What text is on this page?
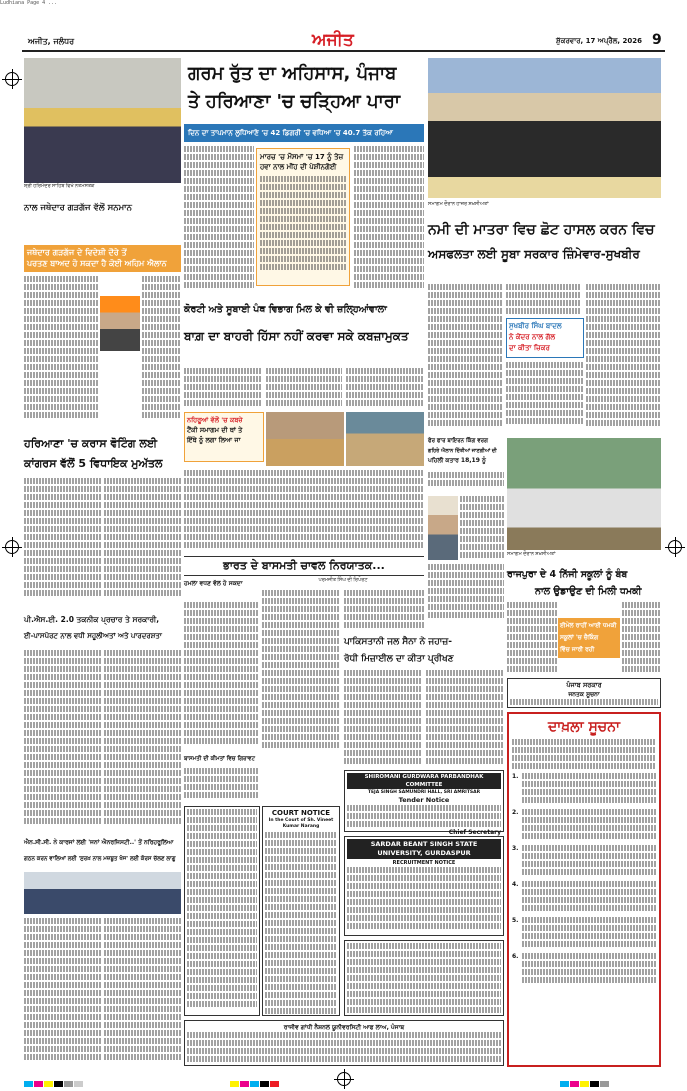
Ludhiana Page 4 ...
ਅਜੀਤ, ਜਲੰਧਰ	ਅਜੀਤ	ਸ਼ੁੱਕਰਵਾਰ, 17 ਅਪ੍ਰੈਲ, 2026 9
ਸ਼੍ਰੀ ਹਰਿਮੰਦਰ ਸਾਹਿਬ ਵਿਖੇ ਨਤਮਸਤਕ
ਨਾਲ ਜਥੇਦਾਰ ਗੜਗੱਜ ਵੱਲੋਂ ਸਨਮਾਨ
ਜਥੇਦਾਰ ਗੜਗੱਜ ਦੇ ਵਿਦੇਸ਼ੀ ਦੌਰੇ ਤੋਂ
ਪਰਤਣ ਬਾਅਦ ਹੋ ਸਕਦਾ ਹੈ ਕੋਈ ਅਹਿਮ ਐਲਾਨ
ਗਰਮ ਰੁੱਤ ਦਾ ਅਹਿਸਾਸ, ਪੰਜਾਬ
ਤੇ ਹਰਿਆਣਾ 'ਚ ਚੜ੍ਹਿਆ ਪਾਰਾ
ਦਿਨ ਦਾ ਤਾਪਮਾਨ ਲੁਧਿਆਣੇ 'ਚ 42 ਡਿਗਰੀ 'ਚ ਵਧਿਆ 'ਚ 40.7 ਤੱਕ ਰਹਿਆ
ਮਾਰਚ 'ਚ ਮੌਸਮਾਂ 'ਚ 17 ਨੂੰ ਤੇਜ਼ ਹਵਾ ਨਾਲ ਮੀਂਹ ਦੀ ਪੇਸ਼ੀਨਗੋਈ
ਸਮਾਗਮ ਦੌਰਾਨ ਹਾਜ਼ਰ ਸ਼ਖ਼ਸੀਅਤਾਂ
ਨਮੀ ਦੀ ਮਾਤਰਾ ਵਿਚ ਛੋਟ ਹਾਸਲ ਕਰਨ ਵਿਚ
ਅਸਫਲਤਾ ਲਈ ਸੂਬਾ ਸਰਕਾਰ ਜ਼ਿੰਮੇਵਾਰ-ਸੁਖਬੀਰ
ਸੁਖਬੀਰ ਸਿੰਘ ਬਾਦਲ
ਨੇ ਕੇਂਦਰ ਨਾਲ ਗੱਲ
ਦਾ ਕੀਤਾ ਜ਼ਿਕਰ
ਕੋਰਟੀ ਅਤੇ ਸੂਬਾਈ ਪੰਥ ਵਿਭਾਗ ਮਿਲ ਕੇ ਵੀ ਜ਼ਲ੍ਹਿਆਂਵਾਲਾ
ਬਾਗ਼ ਦਾ ਬਾਹਰੀ ਹਿੱਸਾ ਨਹੀਂ ਕਰਵਾ ਸਕੇ ਕਬਜ਼ਾਮੁਕਤ
ਨਹਿਰੂਆਂ ਵੱਲੋਂ 'ਚ ਕਬਜ਼ੇ
ਟੈਂਕੀ ਸਮਾਗਮ ਦੀ ਥਾਂ ਤੇ
ਇੱਥੇ ਨੂੰ ਲਗਾ ਲਿਆ ਜਾ
ਹਰਿਆਣਾ 'ਚ ਕਰਾਸ ਵੋਟਿੰਗ ਲਈ
ਕਾਂਗਰਸ ਵੱਲੋਂ 5 ਵਿਧਾਇਕ ਮੁਅੱਤਲ
ਪੀ.ਐਸ.ਈ. 2.0 ਤਕਨੀਕ ਪ੍ਰਚਾਰ ਤੇ ਸਰਕਾਰੀ,
ਈ-ਪਾਸਪੋਰਟ ਨਾਲ ਵਧੀ ਸਹੂਲੀਅਤਾਂ ਅਤੇ ਪਾਰਦਰਸ਼ਤਾ
ਐਨ.ਸੀ.ਸੀ. ਨੇ ਕਾਰਜਾਂ ਲਈ 'ਜਨਾਂ ਐਨਰਜਿਸਟੀ..' ਤੋਂ ਨਰਿਹਰੂਲਿਆ
ਗਠਨ ਕਰਨ ਵਾਲਿਆਂ ਲਈ 'ਸੁਰਖ਼ ਨਾਲ ਮਜ਼ਬੂਤ ਖੋਜ' ਲਈ ਕੋਰਸ ਚੱਲਣ ਲਾਗੂ
ਭਾਰਤ ਦੇ ਬਾਸਮਤੀ ਚਾਵਲ ਨਿਰਯਾਤਕ...
ਪਰਮਜੀਤ ਸਿੰਘ ਦੀ ਰਿਪੋਰਟ
ਹਮਲਾ ਵਧਣ ਵੱਲ ਹੋ ਸਕਦਾ
ਬਾਸਮਤੀ ਦੀ ਕੀਮਤਾਂ ਵਿਚ ਗਿਰਾਵਟ
ਪਾਕਿਸਤਾਨੀ ਜਲ ਸੈਨਾ ਨੇ ਜਹਾਜ਼-
ਰੋਧੀ ਮਿਜ਼ਾਈਲ ਦਾ ਕੀਤਾ ਪ੍ਰੀਖਣ
ਫੇਰ ਫਾਰ ਬਾਇਰਨ ਕਿੰਗ ਵਰਗ
ਗਹਿਰੇ ਐਲਾਨ ਦਿੱਤੀਆਂ ਜਾਣਗੀਆਂ ਦੀ
ਪਹਿਲੀ ਕਤਾਰ 18,19 ਨੂੰ
ਸਮਾਗਮ ਦੌਰਾਨ ਸ਼ਖ਼ਸੀਅਤਾਂ
ਰਾਜਪੁਰਾ ਦੇ 4 ਨਿੱਜੀ ਸਕੂਲਾਂ ਨੂੰ ਬੰਬ
ਨਾਲ ਉਡਾਉਣ ਦੀ ਮਿਲੀ ਧਮਕੀ
ਈਮੇਲ ਰਾਹੀਂ ਆਈ ਧਮਕੀ
ਸਕੂਲਾਂ 'ਚ ਚੈਕਿੰਗ
ਵਿੱਚ ਜਾਰੀ ਰਹੀ
ਪੰਜਾਬ ਸਰਕਾਰ
ਜਨਤਕ ਸੂਚਨਾ
ਦਾਖ਼ਲਾ ਸੂਚਨਾ
1.
2.
3.
4.
5.
6.
COURT NOTICE
In the Court of Sh. Vineet Kumar Narang
SHIROMANI GURDWARA PARBANDHAK COMMITTEE
TEJA SINGH SAMUNDRI HALL, SRI AMRITSAR
Tender Notice
Chief Secretary
SARDAR BEANT SINGH STATE
UNIVERSITY, GURDASPUR
RECRUITMENT NOTICE
ਰਾਜੀਵ ਗਾਂਧੀ ਨੈਸ਼ਨਲ ਯੂਨੀਵਰਸਿਟੀ ਆਫ ਲਾਅ, ਪੰਜਾਬ
